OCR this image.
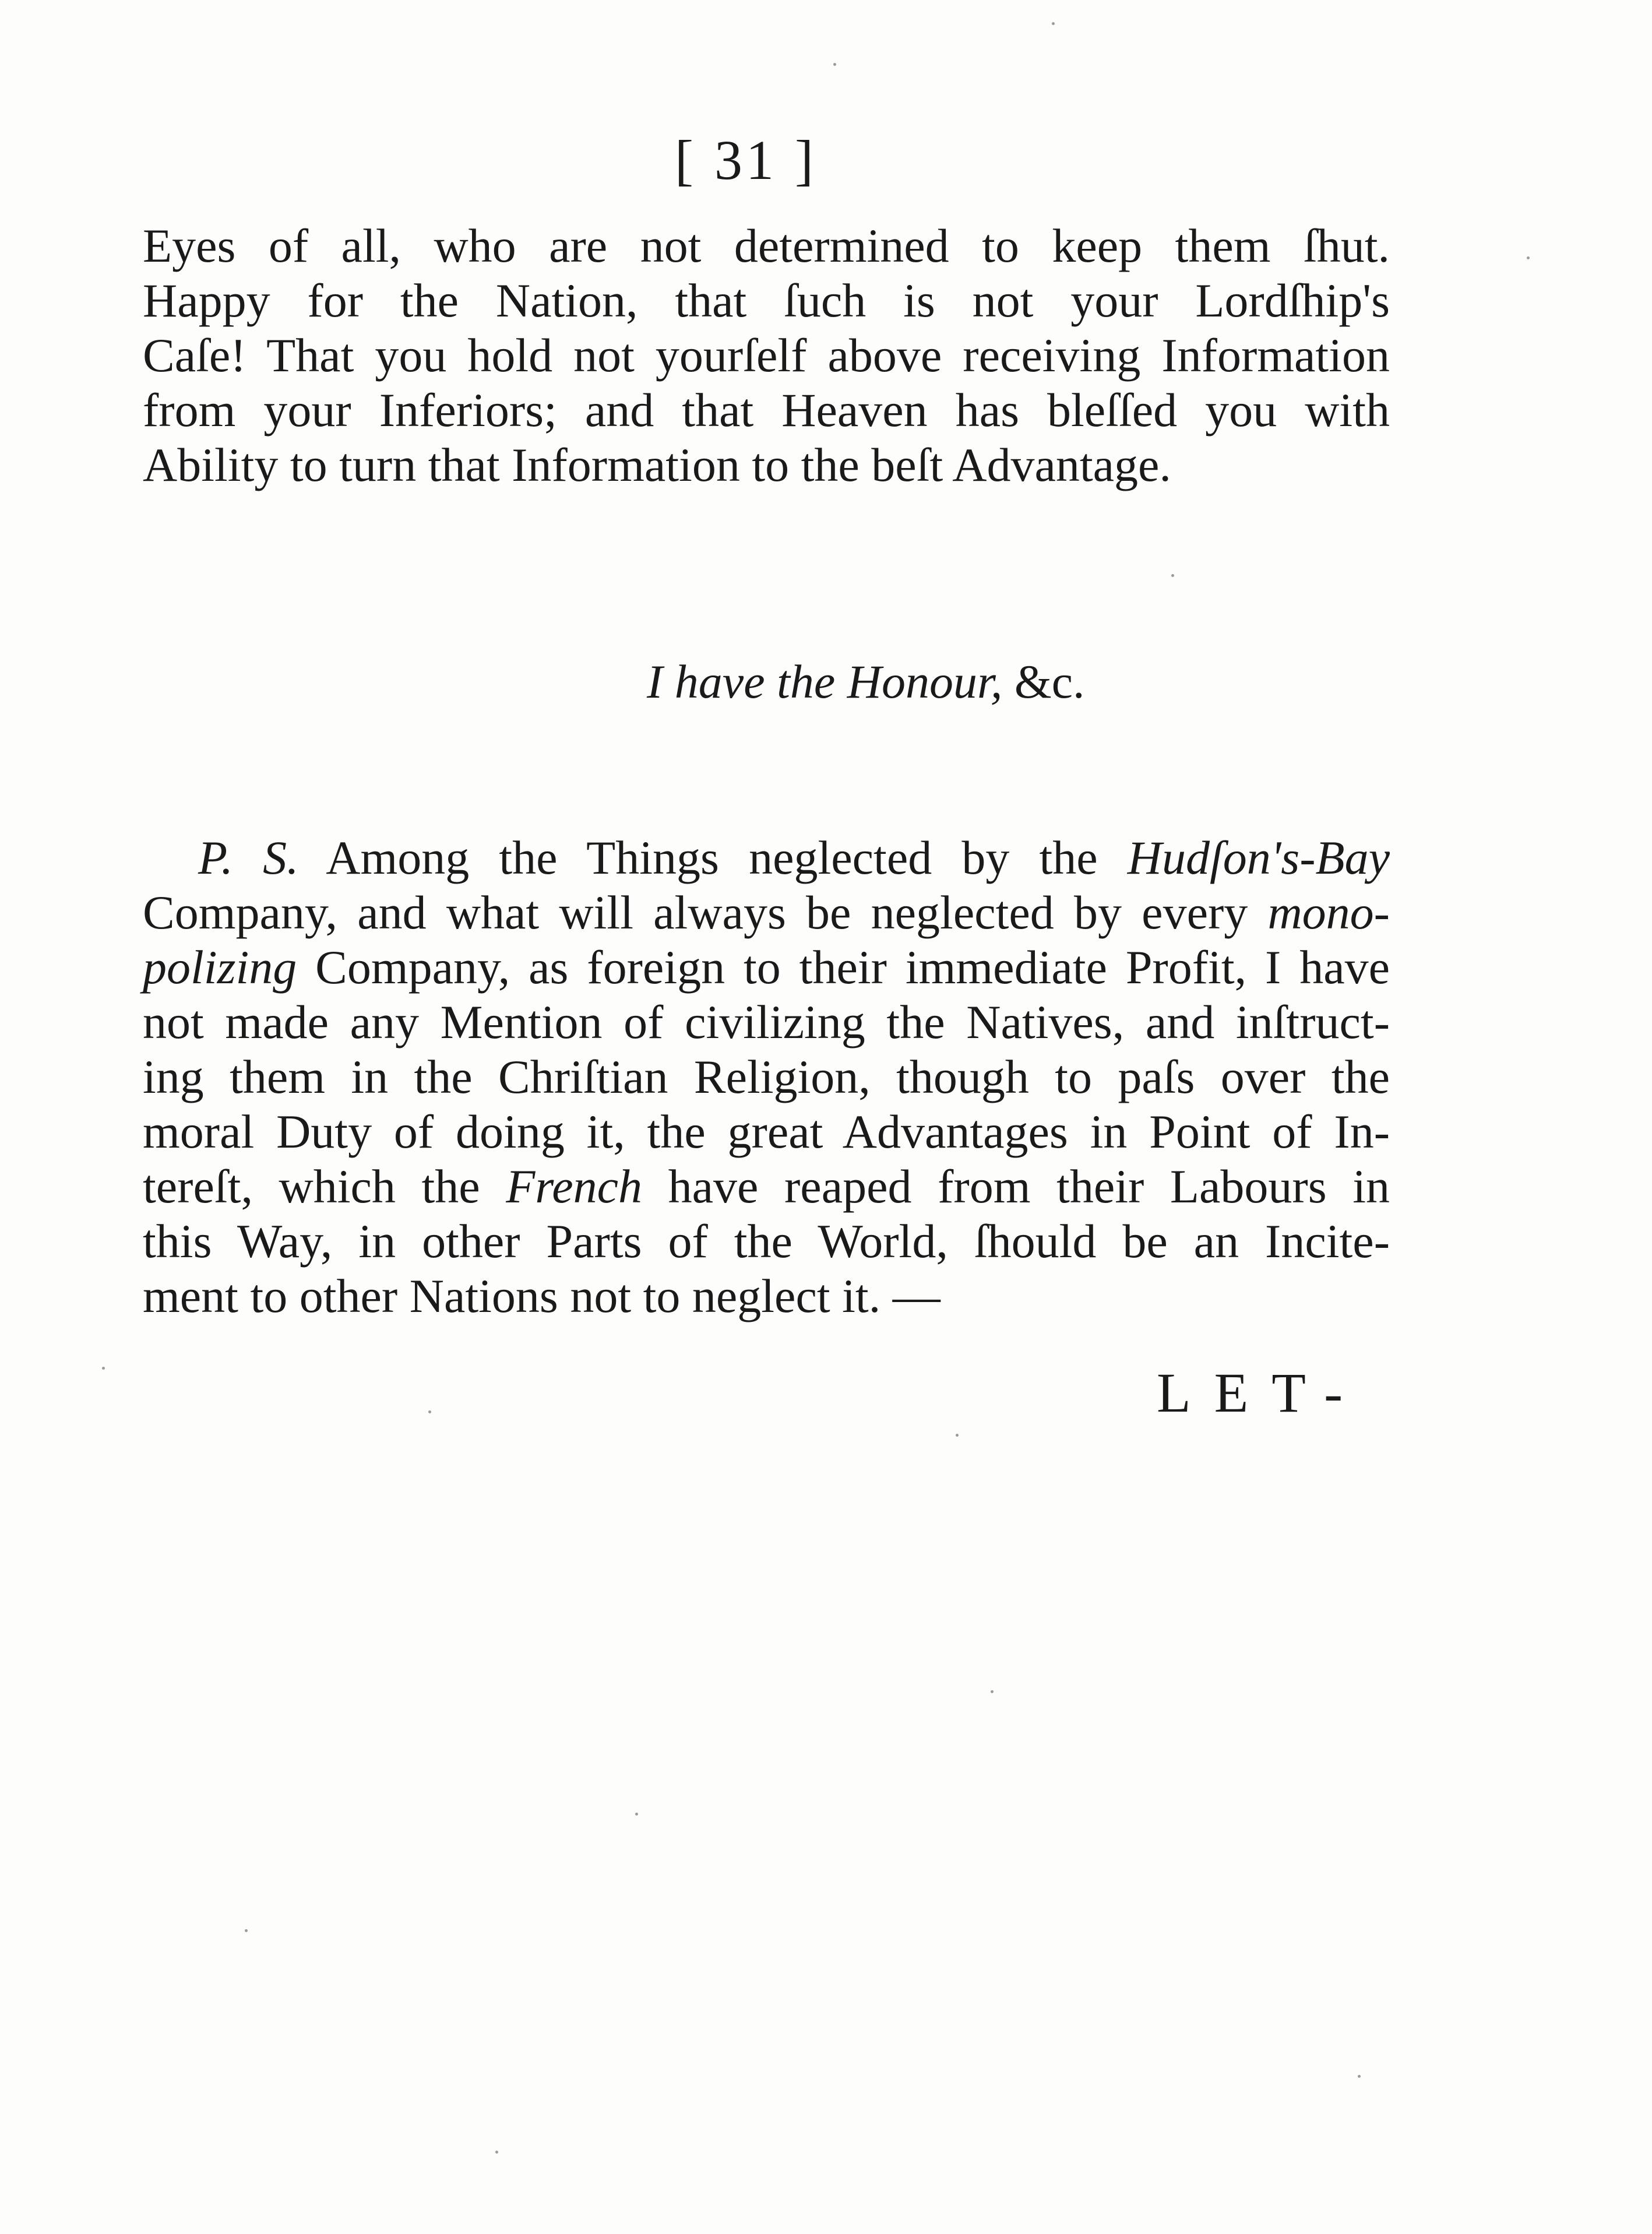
[ 31 ]
Eyes of all, who are not determined to keep them ſhut.
Happy for the Nation, that ſuch is not your Lordſhip's
Caſe! That you hold not yourſelf above receiving Information
from your Inferiors; and that Heaven has bleſſed you with
Ability to turn that Information to the beſt Advantage.
I have the Honour, &c.
P. S. Among the Things neglected by the Hudſon's-Bay
Company, and what will always be neglected by every mono-
polizing Company, as foreign to their immediate Profit, I have
not made any Mention of civilizing the Natives, and inſtruct-
ing them in the Chriſtian Religion, though to paſs over the
moral Duty of doing it, the great Advantages in Point of In-
tereſt, which the French have reaped from their Labours in
this Way, in other Parts of the World, ſhould be an Incite-
ment to other Nations not to neglect it. —
LET-
